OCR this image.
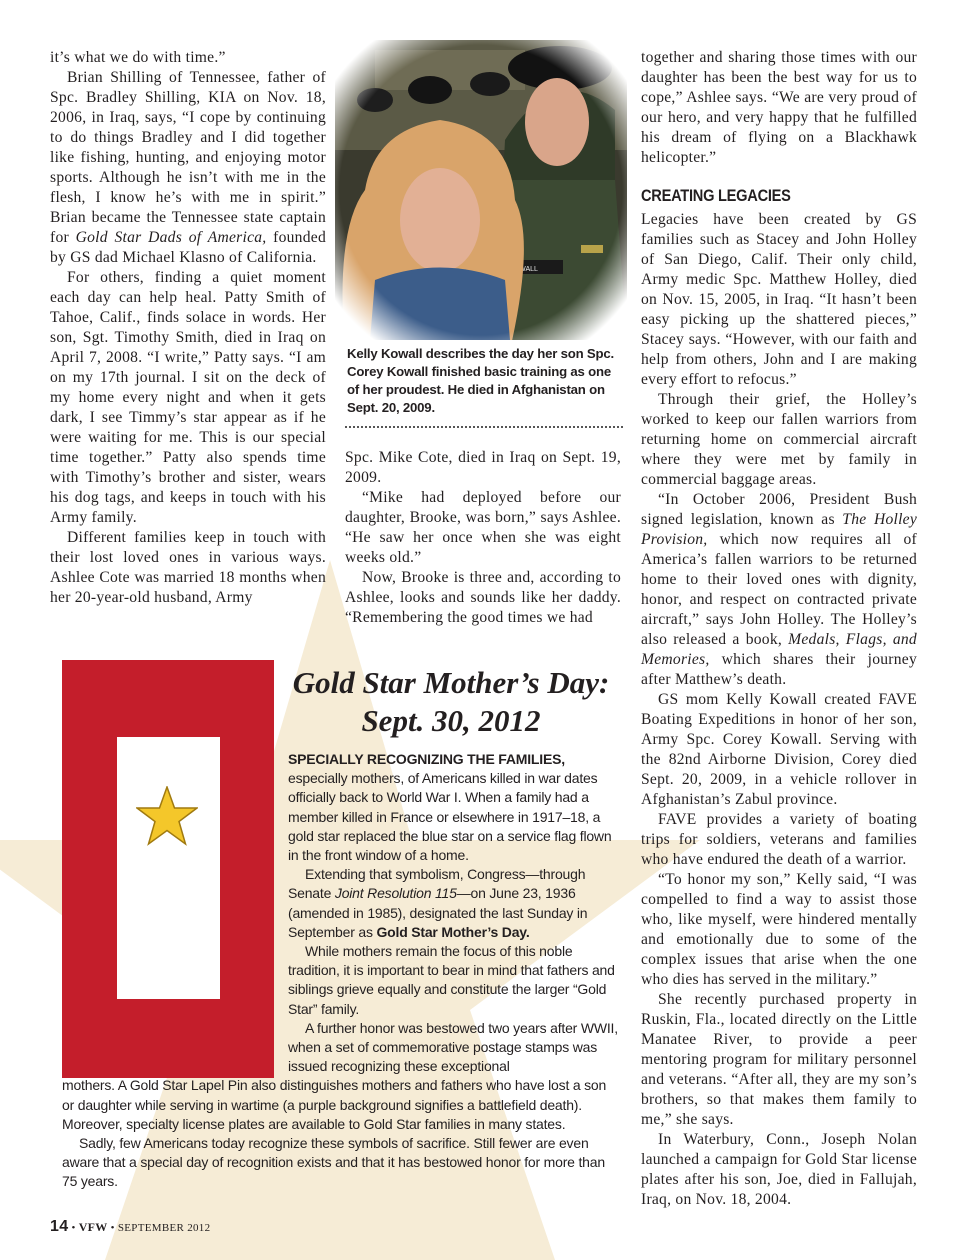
it’s what we do with time.”

Brian Shilling of Tennessee, father of Spc. Bradley Shilling, KIA on Nov. 18, 2006, in Iraq, says, “I cope by continuing to do things Bradley and I did together like fishing, hunting, and enjoying motor sports. Although he isn’t with me in the flesh, I know he’s with me in spirit.” Brian became the Tennessee state captain for Gold Star Dads of America, founded by GS dad Michael Klasno of California.

For others, finding a quiet moment each day can help heal. Patty Smith of Tahoe, Calif., finds solace in words. Her son, Sgt. Timothy Smith, died in Iraq on April 7, 2008. “I write,” Patty says. “I am on my 17th journal. I sit on the deck of my home every night and when it gets dark, I see Timmy’s star appear as if he were waiting for me. This is our special time together.” Patty also spends time with Timothy’s brother and sister, wears his dog tags, and keeps in touch with his Army family.

Different families keep in touch with their lost loved ones in various ways. Ashlee Cote was married 18 months when her 20-year-old husband, Army

Kelly Kowall describes the day her son Spc. Corey Kowall finished basic training as one of her proudest. He died in Afghanistan on Sept. 20, 2009.

Spc. Mike Cote, died in Iraq on Sept. 19, 2009.

“Mike had deployed before our daughter, Brooke, was born,” says Ashlee. “He saw her once when she was eight weeks old.”

Now, Brooke is three and, according to Ashlee, looks and sounds like her daddy. “Remembering the good times we had

together and sharing those times with our daughter has been the best way for us to cope,” Ashlee says. “We are very proud of our hero, and very happy that he fulfilled his dream of flying on a Blackhawk helicopter.”

CREATING LEGACIES

Legacies have been created by GS families such as Stacey and John Holley of San Diego, Calif. Their only child, Army medic Spc. Matthew Holley, died on Nov. 15, 2005, in Iraq. “It hasn’t been easy picking up the shattered pieces,” Stacey says. “However, with our faith and help from others, John and I are making every effort to refocus.”

Through their grief, the Holley’s worked to keep our fallen warriors from returning home on commercial aircraft where they were met by family in commercial baggage areas.

“In October 2006, President Bush signed legislation, known as The Holley Provision, which now requires all of America’s fallen warriors to be returned home to their loved ones with dignity, honor, and respect on contracted private aircraft,” says John Holley. The Holley’s also released a book, Medals, Flags, and Memories, which shares their journey after Matthew’s death.

GS mom Kelly Kowall created FAVE Boating Expeditions in honor of her son, Army Spc. Corey Kowall. Serving with the 82nd Airborne Division, Corey died Sept. 20, 2009, in a vehicle rollover in Afghanistan’s Zabul province.

FAVE provides a variety of boating trips for soldiers, veterans and families who have endured the death of a warrior.

“To honor my son,” Kelly said, “I was compelled to find a way to assist those who, like myself, were hindered mentally and emotionally due to some of the complex issues that arise when the one who dies has served in the military.”

She recently purchased property in Ruskin, Fla., located directly on the Little Manatee River, to provide a peer mentoring program for military personnel and veterans. “After all, they are my son’s brothers, so that makes them family to me,” she says.

In Waterbury, Conn., Joseph Nolan launched a campaign for Gold Star license plates after his son, Joe, died in Fallujah, Iraq, on Nov. 18, 2004.

Gold Star Mother’s Day:
Sept. 30, 2012

SPECIALLY RECOGNIZING THE FAMILIES, especially mothers, of Americans killed in war dates officially back to World War I. When a family had a member killed in France or elsewhere in 1917–18, a gold star replaced the blue star on a service flag flown in the front window of a home.

Extending that symbolism, Congress—through Senate Joint Resolution 115—on June 23, 1936 (amended in 1985), designated the last Sunday in September as Gold Star Mother’s Day.

While mothers remain the focus of this noble tradition, it is important to bear in mind that fathers and siblings grieve equally and constitute the larger “Gold Star” family.

A further honor was bestowed two years after WWII, when a set of commemorative postage stamps was issued recognizing these exceptional

mothers. A Gold Star Lapel Pin also distinguishes mothers and fathers who have lost a son or daughter while serving in wartime (a purple background signifies a battlefield death). Moreover, specialty license plates are available to Gold Star families in many states.

Sadly, few Americans today recognize these symbols of sacrifice. Still fewer are even aware that a special day of recognition exists and that it has bestowed honor for more than 75 years.

14 • VFW • SEPTEMBER 2012
